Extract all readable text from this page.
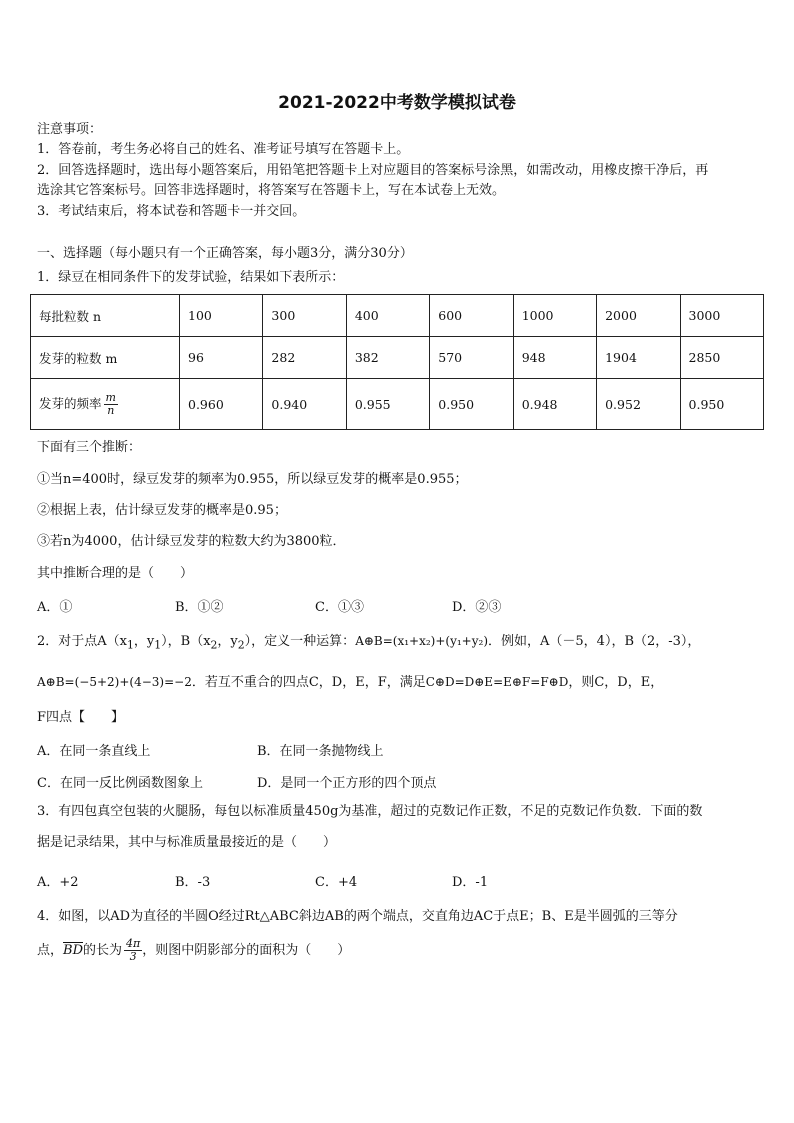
2021-2022中考数学模拟试卷
注意事项：
1．答卷前，考生务必将自己的姓名、准考证号填写在答题卡上。
2．回答选择题时，选出每小题答案后，用铅笔把答题卡上对应题目的答案标号涂黑，如需改动，用橡皮擦干净后，再
选涂其它答案标号。回答非选择题时，将答案写在答题卡上，写在本试卷上无效。
3．考试结束后，将本试卷和答题卡一并交回。
一、选择题（每小题只有一个正确答案，每小题3分，满分30分）
1．绿豆在相同条件下的发芽试验，结果如下表所示：
每批粒数 n	100	300	400	600	1000	2000	3000
发芽的粒数 m	96	282	382	570	948	1904	2850
发芽的频率 $\frac{m}{n}$	0.960	0.940	0.955	0.950	0.948	0.952	0.950
下面有三个推断：
①当n=400时，绿豆发芽的频率为0.955，所以绿豆发芽的概率是0.955；
②根据上表，估计绿豆发芽的概率是0.95；
③若n为4000，估计绿豆发芽的粒数大约为3800粒．
其中推断合理的是（　　）
A．①	B．①②	C．①③	D．②③
2．对于点$A(x_1$，$y_1$），$B(x_2$，$y_2$），定义一种运算：A⊕B=(x₁+x₂)+(y₁+y₂)．例如，A（－5，4），B（2，-3），
A⊕B=(−5+2)+(4−3)=−2．若互不重合的四点C，D，E，F，满足C⊕D=D⊕E=E⊕F=F⊕D，则C，D，E，
F四点【　　】
A．在同一条直线上	B．在同一条抛物线上
C．在同一反比例函数图象上	D．是同一个正方形的四个顶点
3．有四包真空包装的火腿肠，每包以标准质量450g为基准，超过的克数记作正数，不足的克数记作负数．下面的数
据是记录结果，其中与标准质量最接近的是（　　）
A．+2	B．-3	C．+4	D．-1
4．如图，以AD为直径的半圆O经过Rt△ABC斜边AB的两个端点，交直角边AC于点E；B、E是半圆弧的三等分
点，$\overline{BD}$的长为 $\frac{4\pi}{3}$ ，则图中阴影部分的面积为（　　）
